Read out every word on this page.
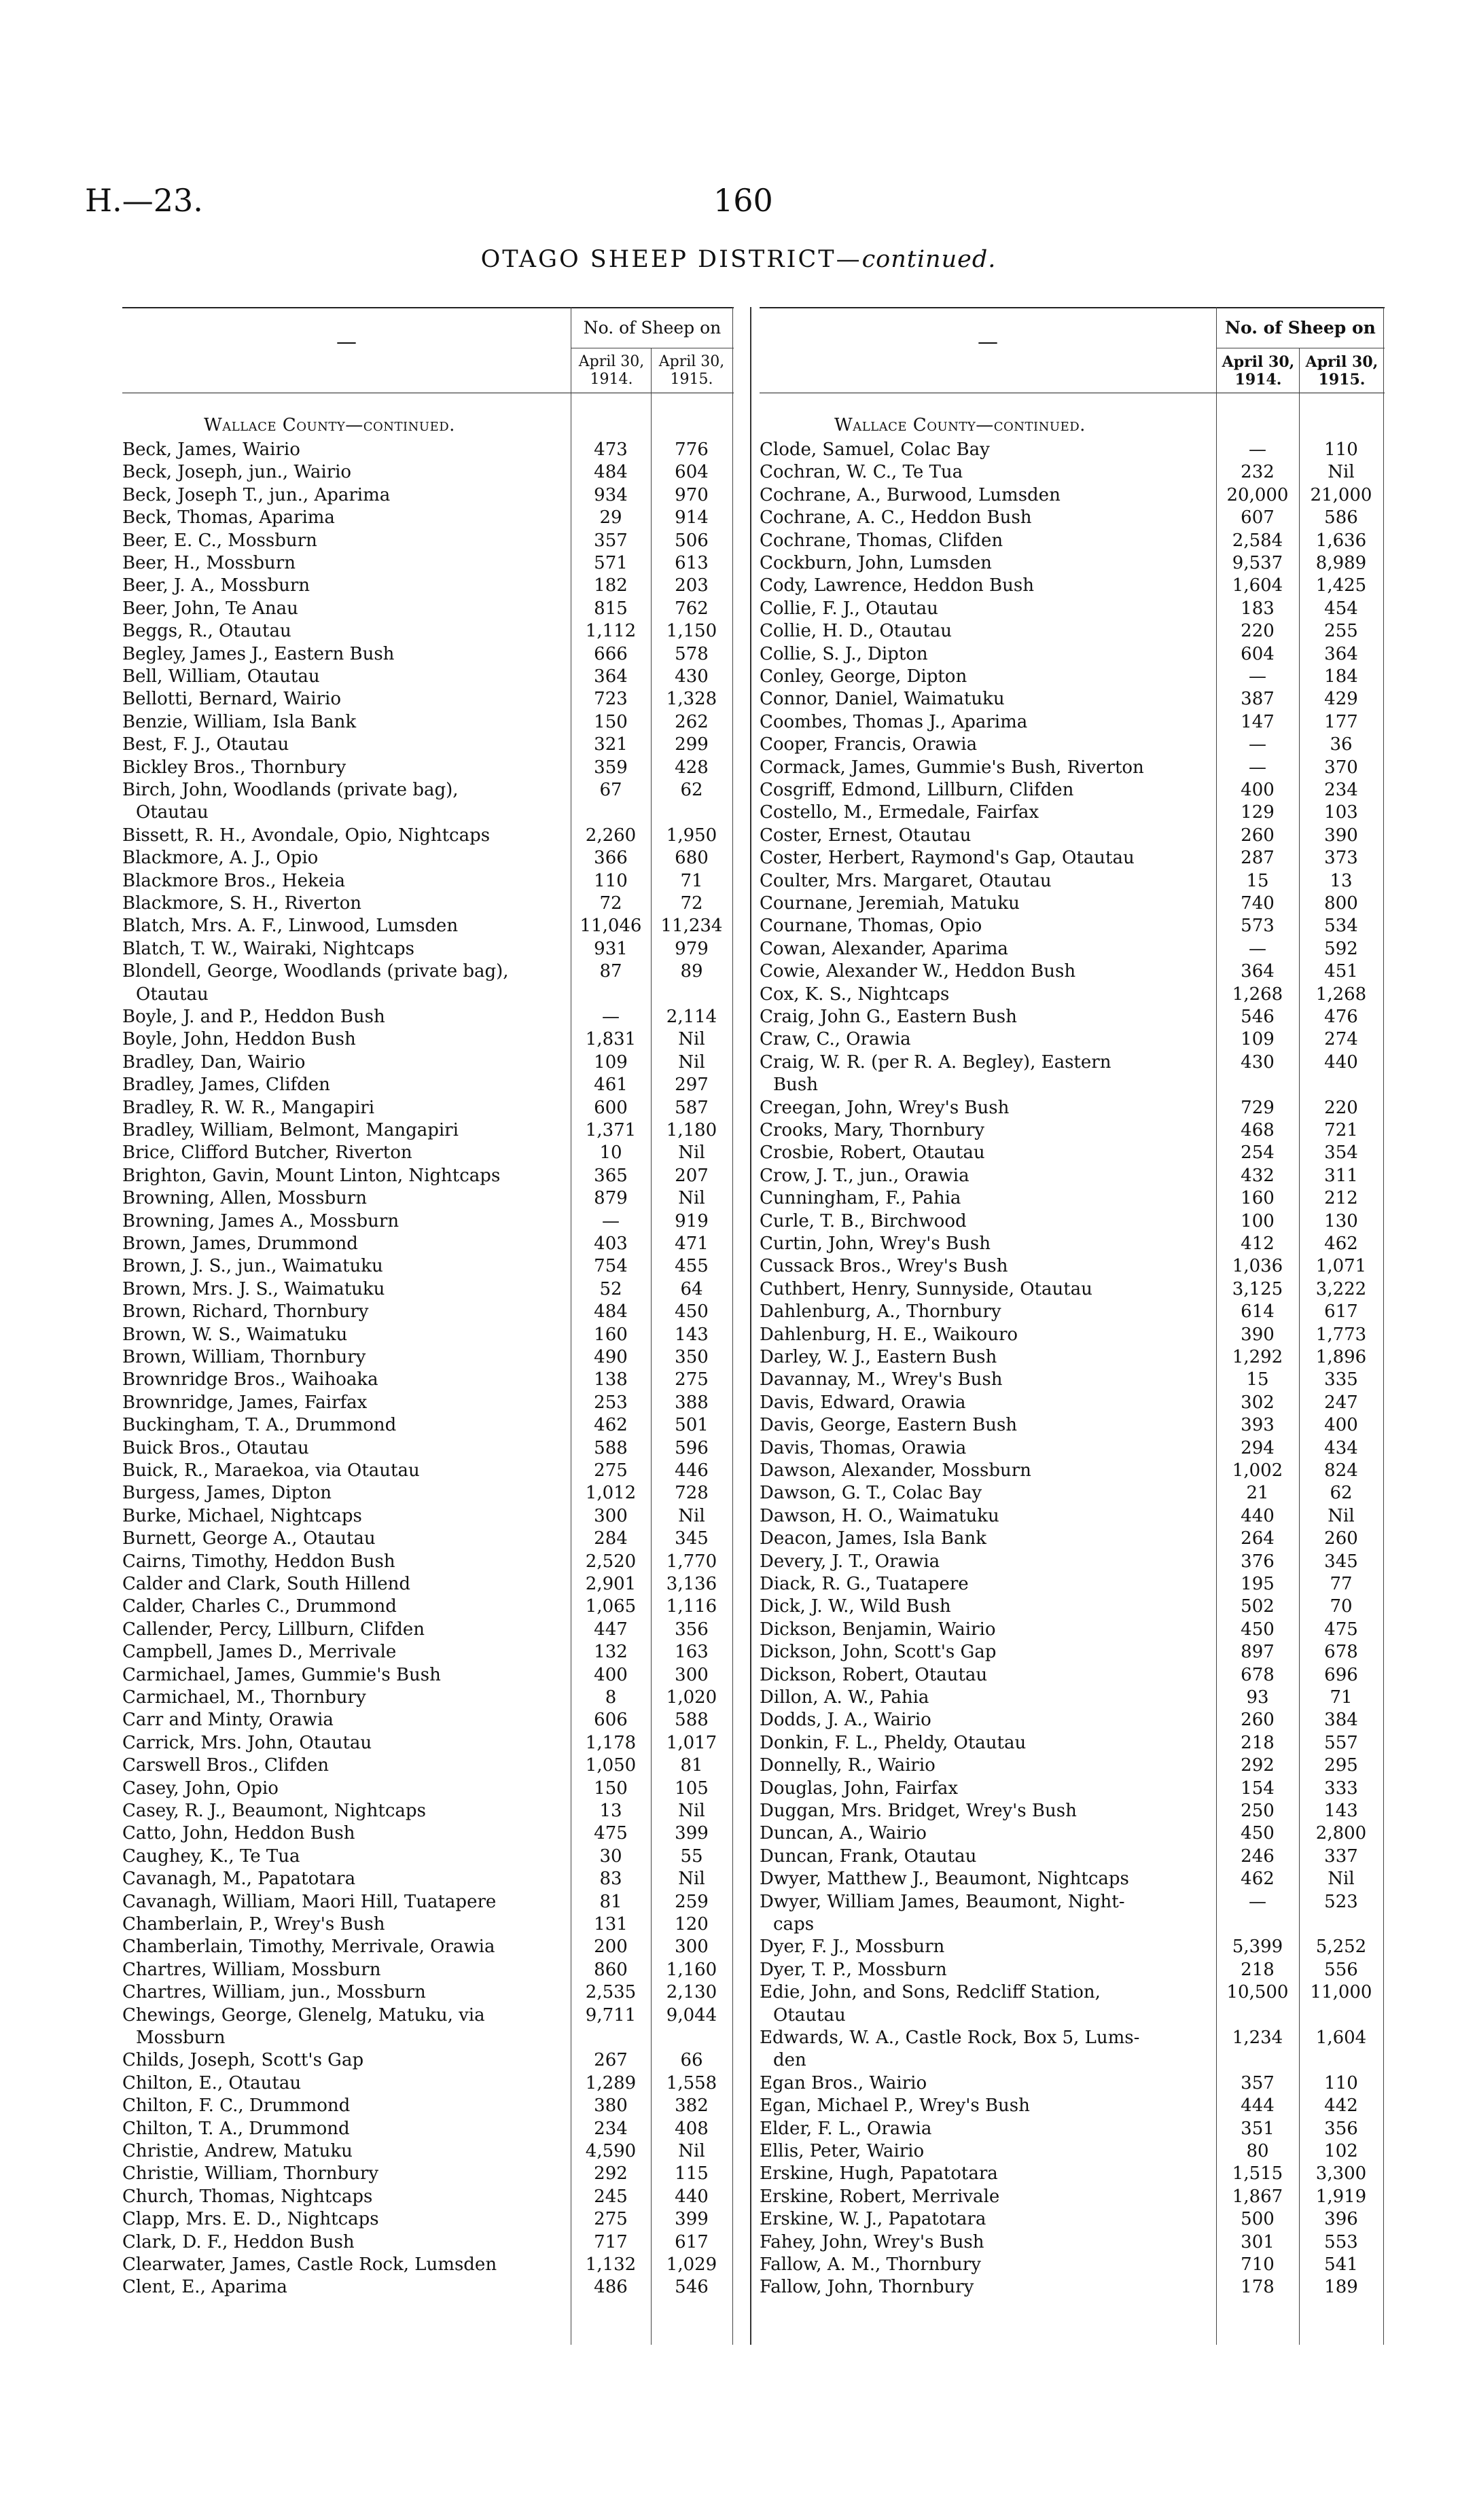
H.—23.	160
OTAGO SHEEP DISTRICT—continued.
—
No. of Sheep on
April 30, 1914.
April 30, 1915.
Wallace County—continued.
Beck, James, Wairio	473	776
Beck, Joseph, jun., Wairio	484	604
Beck, Joseph T., jun., Aparima	934	970
Beck, Thomas, Aparima	29	914
Beer, E. C., Mossburn	357	506
Beer, H., Mossburn	571	613
Beer, J. A., Mossburn	182	203
Beer, John, Te Anau	815	762
Beggs, R., Otautau	1,112	1,150
Begley, James J., Eastern Bush	666	578
Bell, William, Otautau	364	430
Bellotti, Bernard, Wairio	723	1,328
Benzie, William, Isla Bank	150	262
Best, F. J., Otautau	321	299
Bickley Bros., Thornbury	359	428
Birch, John, Woodlands (private bag),	67	62
Otautau
Bissett, R. H., Avondale, Opio, Nightcaps	2,260	1,950
Blackmore, A. J., Opio	366	680
Blackmore Bros., Hekeia	110	71
Blackmore, S. H., Riverton	72	72
Blatch, Mrs. A. F., Linwood, Lumsden	11,046	11,234
Blatch, T. W., Wairaki, Nightcaps	931	979
Blondell, George, Woodlands (private bag),	87	89
Otautau
Boyle, J. and P., Heddon Bush	—	2,114
Boyle, John, Heddon Bush	1,831	Nil
Bradley, Dan, Wairio	109	Nil
Bradley, James, Clifden	461	297
Bradley, R. W. R., Mangapiri	600	587
Bradley, William, Belmont, Mangapiri	1,371	1,180
Brice, Clifford Butcher, Riverton	10	Nil
Brighton, Gavin, Mount Linton, Nightcaps	365	207
Browning, Allen, Mossburn	879	Nil
Browning, James A., Mossburn	—	919
Brown, James, Drummond	403	471
Brown, J. S., jun., Waimatuku	754	455
Brown, Mrs. J. S., Waimatuku	52	64
Brown, Richard, Thornbury	484	450
Brown, W. S., Waimatuku	160	143
Brown, William, Thornbury	490	350
Brownridge Bros., Waihoaka	138	275
Brownridge, James, Fairfax	253	388
Buckingham, T. A., Drummond	462	501
Buick Bros., Otautau	588	596
Buick, R., Maraekoa, via Otautau	275	446
Burgess, James, Dipton	1,012	728
Burke, Michael, Nightcaps	300	Nil
Burnett, George A., Otautau	284	345
Cairns, Timothy, Heddon Bush	2,520	1,770
Calder and Clark, South Hillend	2,901	3,136
Calder, Charles C., Drummond	1,065	1,116
Callender, Percy, Lillburn, Clifden	447	356
Campbell, James D., Merrivale	132	163
Carmichael, James, Gummie's Bush	400	300
Carmichael, M., Thornbury	8	1,020
Carr and Minty, Orawia	606	588
Carrick, Mrs. John, Otautau	1,178	1,017
Carswell Bros., Clifden	1,050	81
Casey, John, Opio	150	105
Casey, R. J., Beaumont, Nightcaps	13	Nil
Catto, John, Heddon Bush	475	399
Caughey, K., Te Tua	30	55
Cavanagh, M., Papatotara	83	Nil
Cavanagh, William, Maori Hill, Tuatapere	81	259
Chamberlain, P., Wrey's Bush	131	120
Chamberlain, Timothy, Merrivale, Orawia	200	300
Chartres, William, Mossburn	860	1,160
Chartres, William, jun., Mossburn	2,535	2,130
Chewings, George, Glenelg, Matuku, via	9,711	9,044
Mossburn
Childs, Joseph, Scott's Gap	267	66
Chilton, E., Otautau	1,289	1,558
Chilton, F. C., Drummond	380	382
Chilton, T. A., Drummond	234	408
Christie, Andrew, Matuku	4,590	Nil
Christie, William, Thornbury	292	115
Church, Thomas, Nightcaps	245	440
Clapp, Mrs. E. D., Nightcaps	275	399
Clark, D. F., Heddon Bush	717	617
Clearwater, James, Castle Rock, Lumsden	1,132	1,029
Clent, E., Aparima	486	546
—
No. of Sheep on
April 30, 1914.
April 30, 1915.
Wallace County—continued.
Clode, Samuel, Colac Bay	—	110
Cochran, W. C., Te Tua	232	Nil
Cochrane, A., Burwood, Lumsden	20,000	21,000
Cochrane, A. C., Heddon Bush	607	586
Cochrane, Thomas, Clifden	2,584	1,636
Cockburn, John, Lumsden	9,537	8,989
Cody, Lawrence, Heddon Bush	1,604	1,425
Collie, F. J., Otautau	183	454
Collie, H. D., Otautau	220	255
Collie, S. J., Dipton	604	364
Conley, George, Dipton	—	184
Connor, Daniel, Waimatuku	387	429
Coombes, Thomas J., Aparima	147	177
Cooper, Francis, Orawia	—	36
Cormack, James, Gummie's Bush, Riverton	—	370
Cosgriff, Edmond, Lillburn, Clifden	400	234
Costello, M., Ermedale, Fairfax	129	103
Coster, Ernest, Otautau	260	390
Coster, Herbert, Raymond's Gap, Otautau	287	373
Coulter, Mrs. Margaret, Otautau	15	13
Cournane, Jeremiah, Matuku	740	800
Cournane, Thomas, Opio	573	534
Cowan, Alexander, Aparima	—	592
Cowie, Alexander W., Heddon Bush	364	451
Cox, K. S., Nightcaps	1,268	1,268
Craig, John G., Eastern Bush	546	476
Craw, C., Orawia	109	274
Craig, W. R. (per R. A. Begley), Eastern	430	440
Bush
Creegan, John, Wrey's Bush	729	220
Crooks, Mary, Thornbury	468	721
Crosbie, Robert, Otautau	254	354
Crow, J. T., jun., Orawia	432	311
Cunningham, F., Pahia	160	212
Curle, T. B., Birchwood	100	130
Curtin, John, Wrey's Bush	412	462
Cussack Bros., Wrey's Bush	1,036	1,071
Cuthbert, Henry, Sunnyside, Otautau	3,125	3,222
Dahlenburg, A., Thornbury	614	617
Dahlenburg, H. E., Waikouro	390	1,773
Darley, W. J., Eastern Bush	1,292	1,896
Davannay, M., Wrey's Bush	15	335
Davis, Edward, Orawia	302	247
Davis, George, Eastern Bush	393	400
Davis, Thomas, Orawia	294	434
Dawson, Alexander, Mossburn	1,002	824
Dawson, G. T., Colac Bay	21	62
Dawson, H. O., Waimatuku	440	Nil
Deacon, James, Isla Bank	264	260
Devery, J. T., Orawia	376	345
Diack, R. G., Tuatapere	195	77
Dick, J. W., Wild Bush	502	70
Dickson, Benjamin, Wairio	450	475
Dickson, John, Scott's Gap	897	678
Dickson, Robert, Otautau	678	696
Dillon, A. W., Pahia	93	71
Dodds, J. A., Wairio	260	384
Donkin, F. L., Pheldy, Otautau	218	557
Donnelly, R., Wairio	292	295
Douglas, John, Fairfax	154	333
Duggan, Mrs. Bridget, Wrey's Bush	250	143
Duncan, A., Wairio	450	2,800
Duncan, Frank, Otautau	246	337
Dwyer, Matthew J., Beaumont, Nightcaps	462	Nil
Dwyer, William James, Beaumont, Night-	—	523
caps
Dyer, F. J., Mossburn	5,399	5,252
Dyer, T. P., Mossburn	218	556
Edie, John, and Sons, Redcliff Station,	10,500	11,000
Otautau
Edwards, W. A., Castle Rock, Box 5, Lums-	1,234	1,604
den
Egan Bros., Wairio	357	110
Egan, Michael P., Wrey's Bush	444	442
Elder, F. L., Orawia	351	356
Ellis, Peter, Wairio	80	102
Erskine, Hugh, Papatotara	1,515	3,300
Erskine, Robert, Merrivale	1,867	1,919
Erskine, W. J., Papatotara	500	396
Fahey, John, Wrey's Bush	301	553
Fallow, A. M., Thornbury	710	541
Fallow, John, Thornbury	178	189
